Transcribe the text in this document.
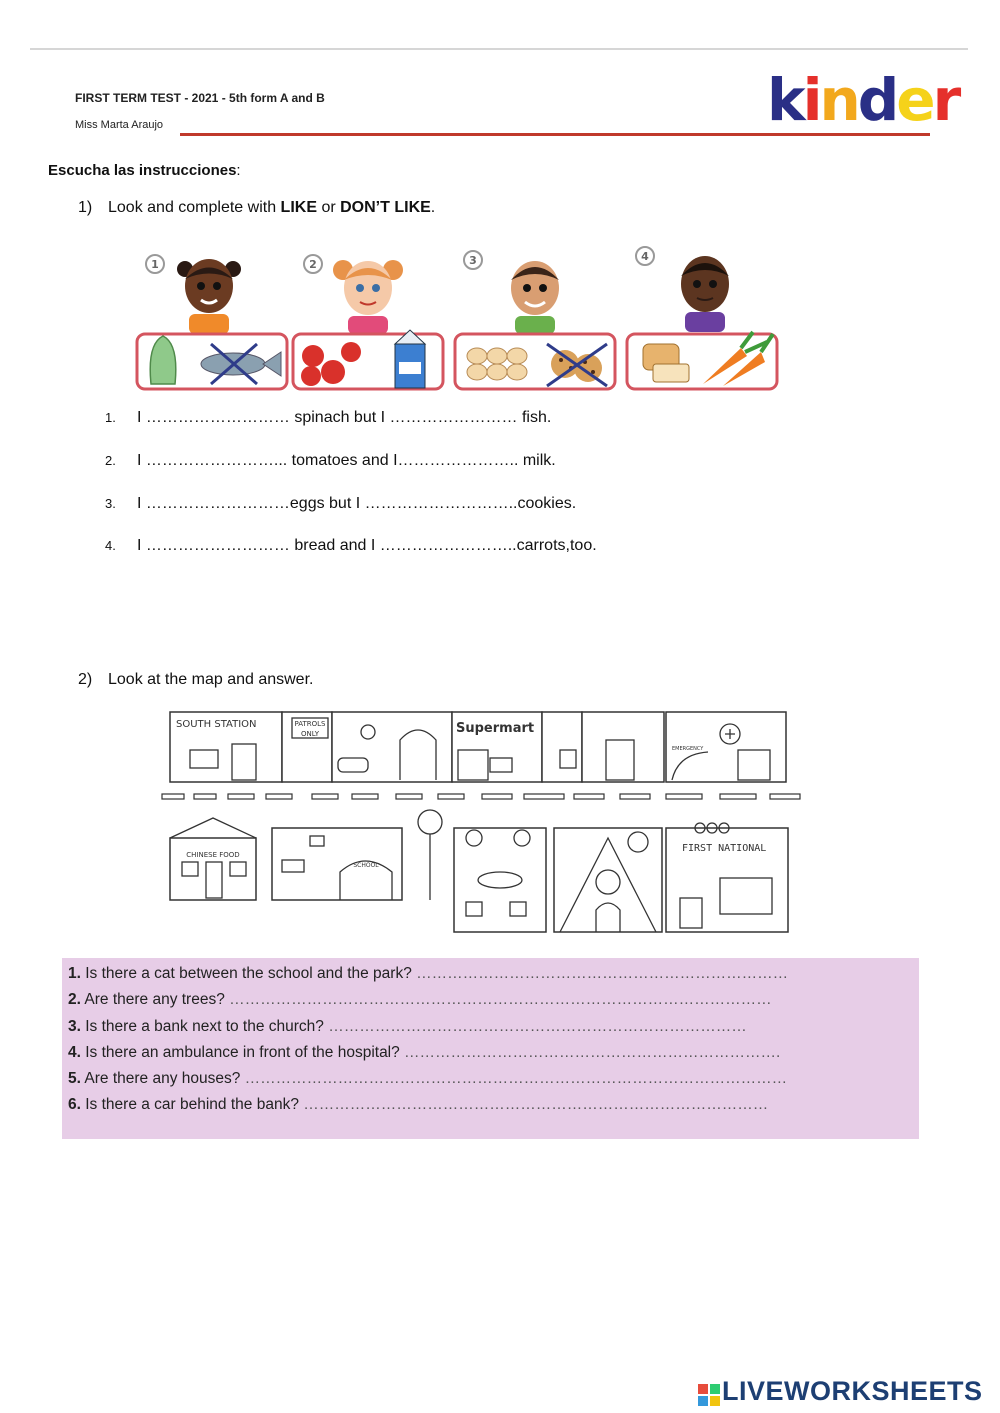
FIRST TERM TEST - 2021 - 5th form A and B
Miss Marta Araujo	kinder
Escucha las instrucciones:
1) Look and complete with LIKE or DON’T LIKE.
1	2	3	4
1. I ……………………… spinach but I …………………… fish.
2. I ……………………... tomatoes and I………………….. milk.
3. I ………………………eggs but I ………………………..cookies.
4. I ……………………… bread and I ……………………..carrots,too.
2) Look at the map and answer.
SOUTH STATION	PATROLS
ONLY	Supermart
EMERGENCY
CHINESE FOOD
SCHOOL
FIRST NATIONAL
1. Is there a cat between the school and the park? ………………………………………………………………
2. Are there any trees? ……………………………………………………………………………………………
3. Is there a bank next to the church? ………………………………………………………………………
4. Is there an ambulance in front of the hospital? ……………………………………………………………….
5. Are there any houses? ……………………………………………………………………………………………
6. Is there a car behind the bank? ………………………………………………………………………………
LIVEWORKSHEETS
